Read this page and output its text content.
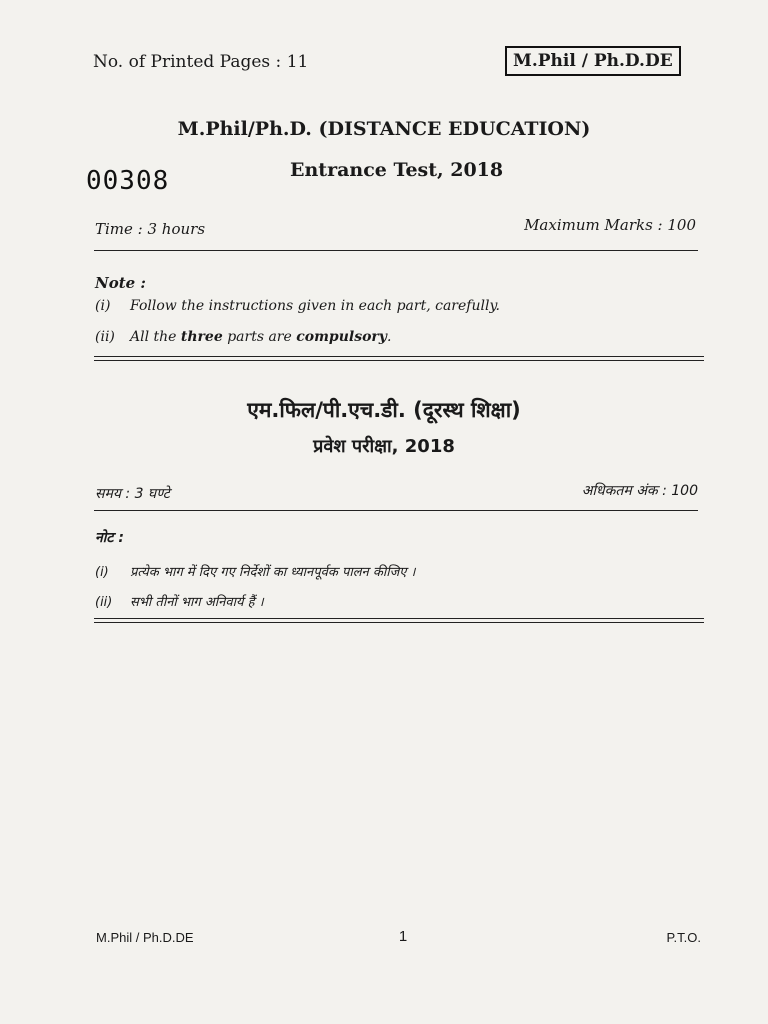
No. of Printed Pages : 11	M.Phil / Ph.D.DE
M.Phil/Ph.D. (DISTANCE EDUCATION)
00308	Entrance Test, 2018
Time : 3 hours	Maximum Marks : 100
Note :
(i) Follow the instructions given in each part, carefully.
(ii) All the three parts are compulsory.
एम.फिल/पी.एच.डी. (दूरस्थ शिक्षा)
प्रवेश परीक्षा, 2018
समय : 3 घण्टे	अधिकतम अंक : 100
नोट :
(i) प्रत्येक भाग में दिए गए निर्देशों का ध्यानपूर्वक पालन कीजिए ।
(ii) सभी तीनों भाग अनिवार्य हैं ।
M.Phil / Ph.D.DE	1	P.T.O.
